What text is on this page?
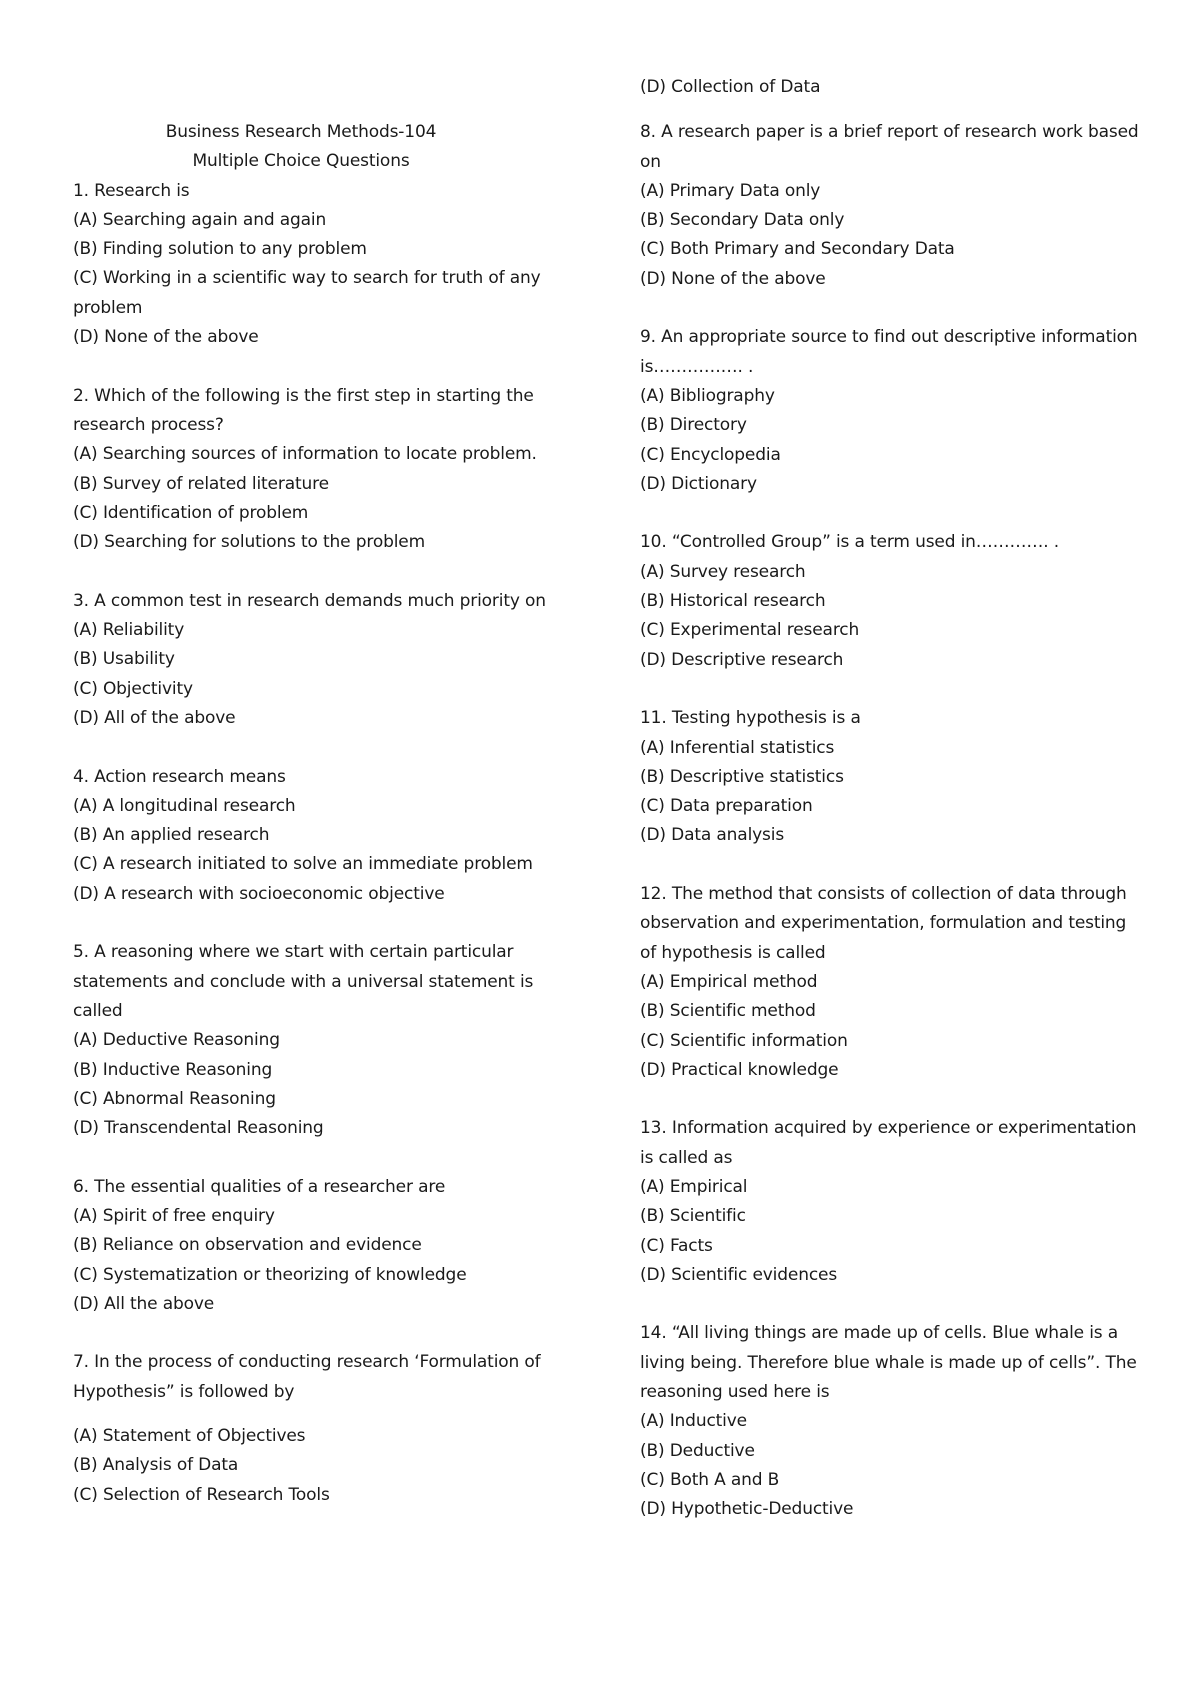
Business Research Methods-104
Multiple Choice Questions
1. Research is
(A) Searching again and again
(B) Finding solution to any problem
(C) Working in a scientific way to search for truth of any problem
(D) None of the above
2. Which of the following is the first step in starting the research process?
(A) Searching sources of information to locate problem.
(B) Survey of related literature
(C) Identification of problem
(D) Searching for solutions to the problem
3. A common test in research demands much priority on
(A) Reliability
(B) Usability
(C) Objectivity
(D) All of the above
4. Action research means
(A) A longitudinal research
(B) An applied research
(C) A research initiated to solve an immediate problem
(D) A research with socioeconomic objective
5. A reasoning where we start with certain particular statements and conclude with a universal statement is called
(A) Deductive Reasoning
(B) Inductive Reasoning
(C) Abnormal Reasoning
(D) Transcendental Reasoning
6. The essential qualities of a researcher are
(A) Spirit of free enquiry
(B) Reliance on observation and evidence
(C) Systematization or theorizing of knowledge
(D) All the above
7. In the process of conducting research ‘Formulation of Hypothesis” is followed by
(A) Statement of Objectives
(B) Analysis of Data
(C) Selection of Research Tools
(D) Collection of Data
8. A research paper is a brief report of research work based on
(A) Primary Data only
(B) Secondary Data only
(C) Both Primary and Secondary Data
(D) None of the above
9. An appropriate source to find out descriptive information is……………. .
(A) Bibliography
(B) Directory
(C) Encyclopedia
(D) Dictionary
10. “Controlled Group” is a term used in…………. .
(A) Survey research
(B) Historical research
(C) Experimental research
(D) Descriptive research
11. Testing hypothesis is a
(A) Inferential statistics
(B) Descriptive statistics
(C) Data preparation
(D) Data analysis
12. The method that consists of collection of data through observation and experimentation, formulation and testing of hypothesis is called
(A) Empirical method
(B) Scientific method
(C) Scientific information
(D) Practical knowledge
13. Information acquired by experience or experimentation is called as
(A) Empirical
(B) Scientific
(C) Facts
(D) Scientific evidences
14. “All living things are made up of cells. Blue whale is a living being. Therefore blue whale is made up of cells”. The reasoning used here is
(A) Inductive
(B) Deductive
(C) Both A and B
(D) Hypothetic-Deductive
